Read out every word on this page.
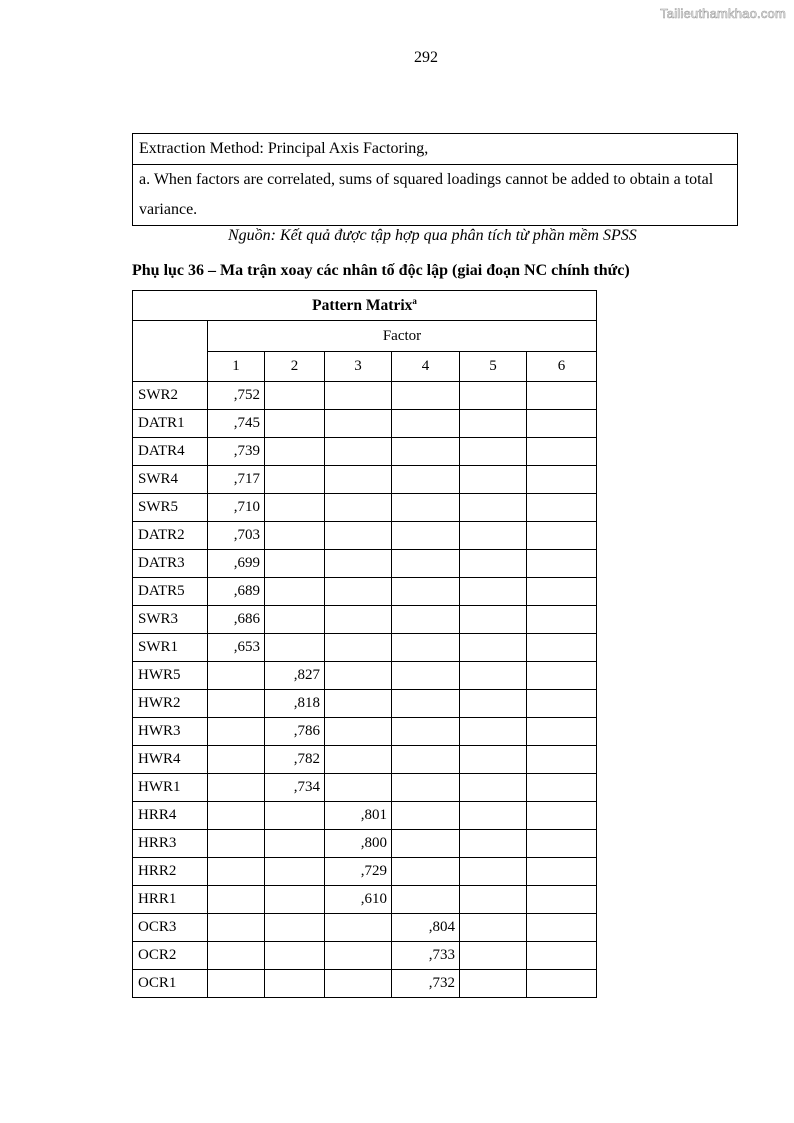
Tailieuthamkhao.com
292
Extraction Method: Principal Axis Factoring,
a. When factors are correlated, sums of squared loadings cannot be added to obtain a total variance.
Nguồn: Kết quả được tập hợp qua phân tích từ phần mềm SPSS
Phụ lục 36 – Ma trận xoay các nhân tố độc lập (giai đoạn NC chính thức)
Pattern Matrix$^a$
	Factor					
	1	2	3	4	5	6
SWR2	,752					
DATR1	,745					
DATR4	,739					
SWR4	,717					
SWR5	,710					
DATR2	,703					
DATR3	,699					
DATR5	,689					
SWR3	,686					
SWR1	,653					
HWR5		,827				
HWR2		,818				
HWR3		,786				
HWR4		,782				
HWR1		,734				
HRR4			,801			
HRR3			,800			
HRR2			,729			
HRR1			,610			
OCR3				,804		
OCR2				,733		
OCR1				,732		
